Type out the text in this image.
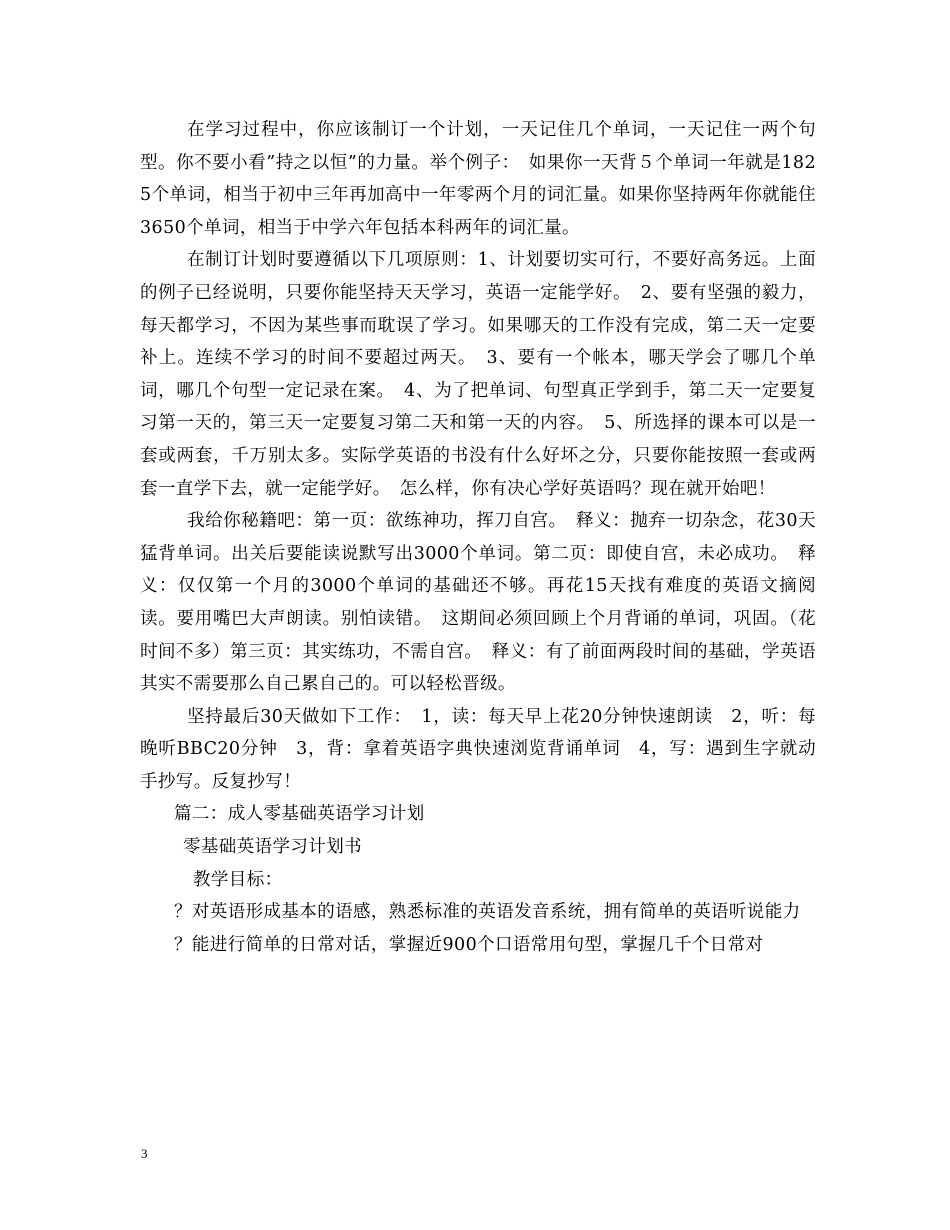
在学习过程中，你应该制订一个计划，一天记住几个单词，一天记住一两个句型。你不要小看”持之以恒”的力量。举个例子：　如果你一天背５个单词一年就是1825个单词，相当于初中三年再加高中一年零两个月的词汇量。如果你坚持两年你就能住3650个单词，相当于中学六年包括本科两年的词汇量。

在制订计划时要遵循以下几项原则：1、计划要切实可行，不要好高务远。上面的例子已经说明，只要你能坚持天天学习，英语一定能学好。　2、要有坚强的毅力，每天都学习，不因为某些事而耽误了学习。如果哪天的工作没有完成，第二天一定要补上。连续不学习的时间不要超过两天。　3、要有一个帐本，哪天学会了哪几个单词，哪几个句型一定记录在案。　4、为了把单词、句型真正学到手，第二天一定要复习第一天的，第三天一定要复习第二天和第一天的内容。　5、所选择的课本可以是一套或两套，千万别太多。实际学英语的书没有什么好坏之分，只要你能按照一套或两套一直学下去，就一定能学好。　怎么样，你有决心学好英语吗？现在就开始吧！

我给你秘籍吧：第一页：欲练神功，挥刀自宫。　释义：抛弃一切杂念，花30天猛背单词。出关后要能读说默写出3000个单词。第二页：即使自宫，未必成功。　释义：仅仅第一个月的3000个单词的基础还不够。再花15天找有难度的英语文摘阅读。要用嘴巴大声朗读。别怕读错。　这期间必须回顾上个月背诵的单词，巩固。（花时间不多）第三页：其实练功，不需自宫。　释义：有了前面两段时间的基础，学英语其实不需要那么自己累自己的。可以轻松晋级。

坚持最后30天做如下工作：　1，读：每天早上花20分钟快速朗读　2，听：每晚听BBC20分钟　3，背：拿着英语字典快速浏览背诵单词　4，写：遇到生字就动手抄写。反复抄写！

篇二：成人零基础英语学习计划

零基础英语学习计划书

教学目标：

？对英语形成基本的语感，熟悉标准的英语发音系统，拥有简单的英语听说能力

？能进行简单的日常对话，掌握近900个口语常用句型，掌握几千个日常对

3
